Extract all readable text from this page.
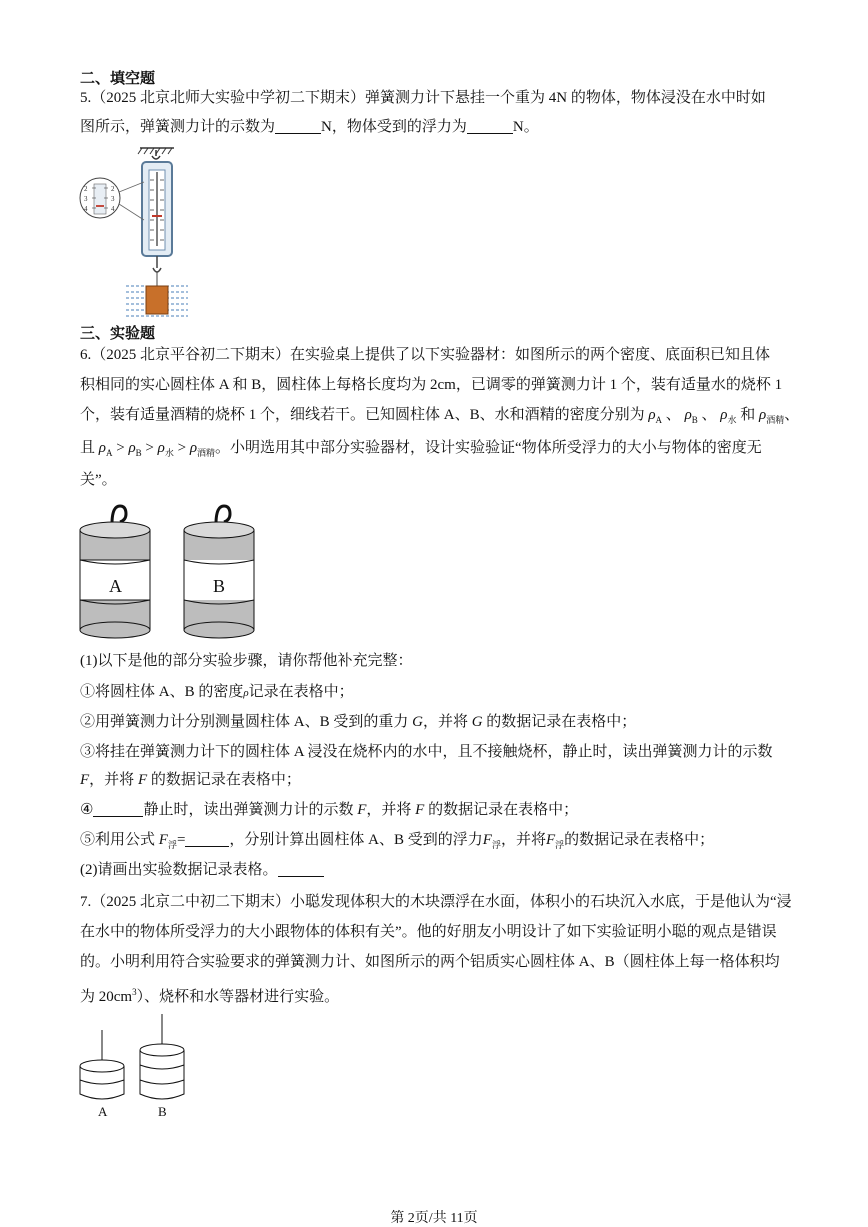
二、填空题
5.（2025 北京北师大实验中学初二下期末）弹簧测力计下悬挂一个重为 4N 的物体，物体浸没在水中时如
图所示，弹簧测力计的示数为	N，物体受到的浮力为	N。
2
3
4
2
3
4
三、实验题
6.（2025 北京平谷初二下期末）在实验桌上提供了以下实验器材：如图所示的两个密度、底面积已知且体
积相同的实心圆柱体 A 和 B，圆柱体上每格长度均为 2cm，已调零的弹簧测力计 1 个，装有适量水的烧杯 1
个，装有适量酒精的烧杯 1 个，细线若干。已知圆柱体 A、B、水和酒精的密度分别为 $\rho_A$ 、 $\rho_B$ 、 $\rho_水$ 和 $\rho_{酒精}$、
且 $\rho_A > \rho_B > \rho_水 > \rho_{酒精}$。小明选用其中部分实验器材，设计实验验证“物体所受浮力的大小与物体的密度无
关”。
A	B
(1)以下是他的部分实验步骤，请你帮他补充完整：
①将圆柱体 A、B 的密度ρ记录在表格中；
②用弹簧测力计分别测量圆柱体 A、B 受到的重力 G，并将 G 的数据记录在表格中；
③将挂在弹簧测力计下的圆柱体 A 浸没在烧杯内的水中，且不接触烧杯，静止时，读出弹簧测力计的示数
F，并将 F 的数据记录在表格中；
④	静止时，读出弹簧测力计的示数 F，并将 F 的数据记录在表格中；
⑤利用公式 $F_浮=$	，分别计算出圆柱体 A、B 受到的浮力$F_浮$，并将$F_浮$的数据记录在表格中；
(2)请画出实验数据记录表格。
7.（2025 北京二中初二下期末）小聪发现体积大的木块漂浮在水面，体积小的石块沉入水底，于是他认为“浸
在水中的物体所受浮力的大小跟物体的体积有关”。他的好朋友小明设计了如下实验证明小聪的观点是错误
的。小明利用符合实验要求的弹簧测力计、如图所示的两个铝质实心圆柱体 A、B（圆柱体上每一格体积均
为 $20cm^3$）、烧杯和水等器材进行实验。
A	B
第 2页/共 11页
